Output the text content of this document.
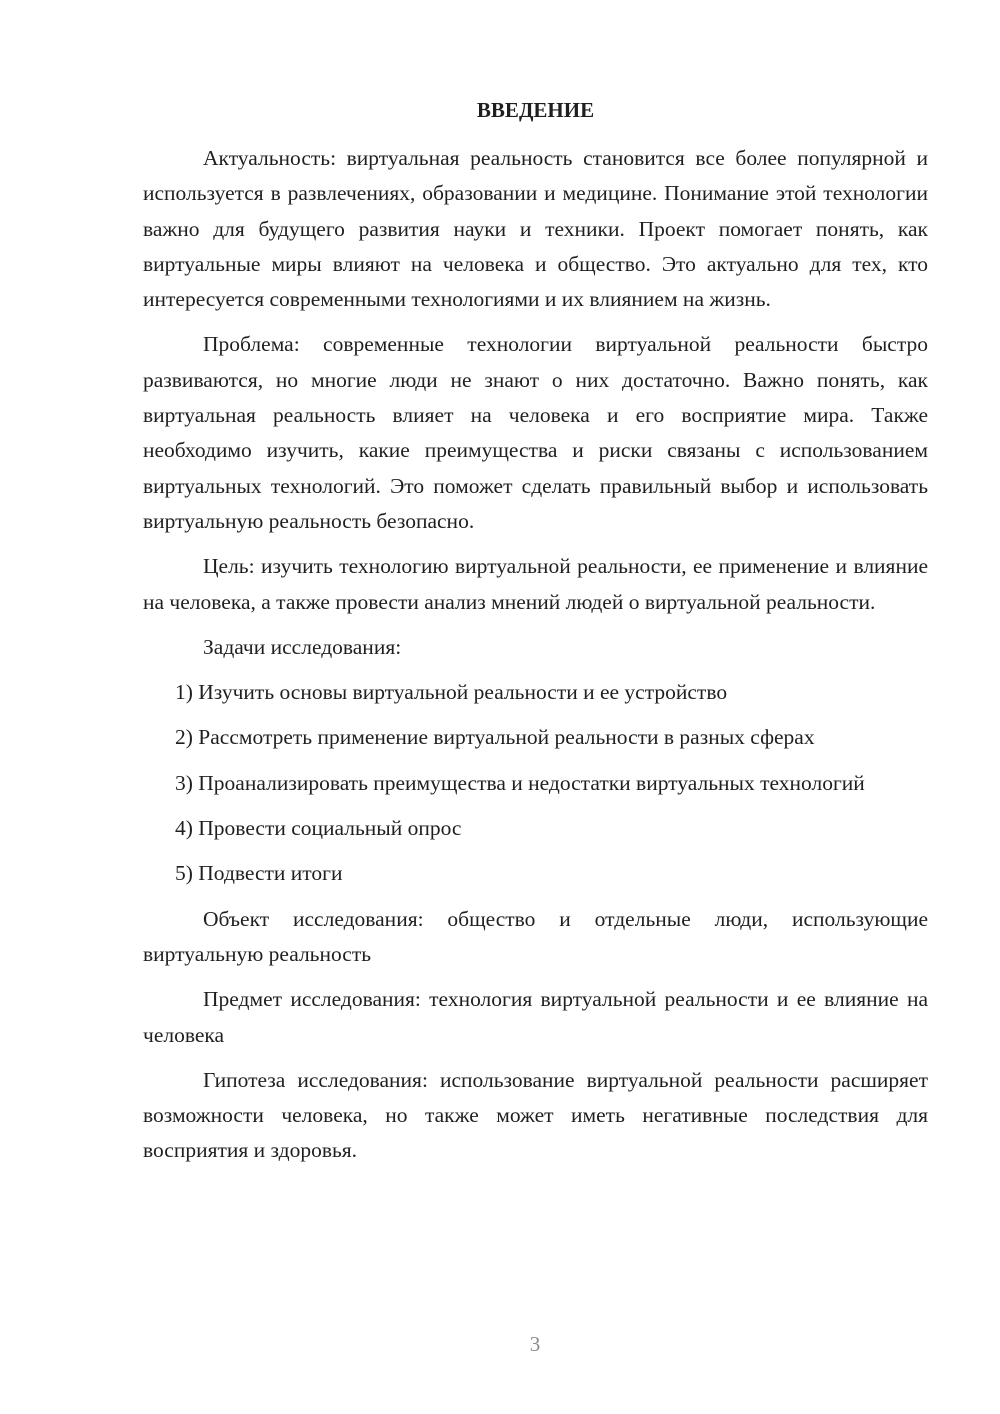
ВВЕДЕНИЕ

Актуальность: виртуальная реальность становится все более популярной и используется в развлечениях, образовании и медицине. Понимание этой технологии важно для будущего развития науки и техники. Проект помогает понять, как виртуальные миры влияют на человека и общество. Это актуально для тех, кто интересуется современными технологиями и их влиянием на жизнь.

Проблема: современные технологии виртуальной реальности быстро развиваются, но многие люди не знают о них достаточно. Важно понять, как виртуальная реальность влияет на человека и его восприятие мира. Также необходимо изучить, какие преимущества и риски связаны с использованием виртуальных технологий. Это поможет сделать правильный выбор и использовать виртуальную реальность безопасно.

Цель: изучить технологию виртуальной реальности, ее применение и влияние на человека, а также провести анализ мнений людей о виртуальной реальности.

Задачи исследования:

1) Изучить основы виртуальной реальности и ее устройство

2) Рассмотреть применение виртуальной реальности в разных сферах

3) Проанализировать преимущества и недостатки виртуальных технологий

4) Провести социальный опрос

5) Подвести итоги

Объект исследования: общество и отдельные люди, использующие виртуальную реальность

Предмет исследования: технология виртуальной реальности и ее влияние на человека

Гипотеза исследования: использование виртуальной реальности расширяет возможности человека, но также может иметь негативные последствия для восприятия и здоровья.

3
